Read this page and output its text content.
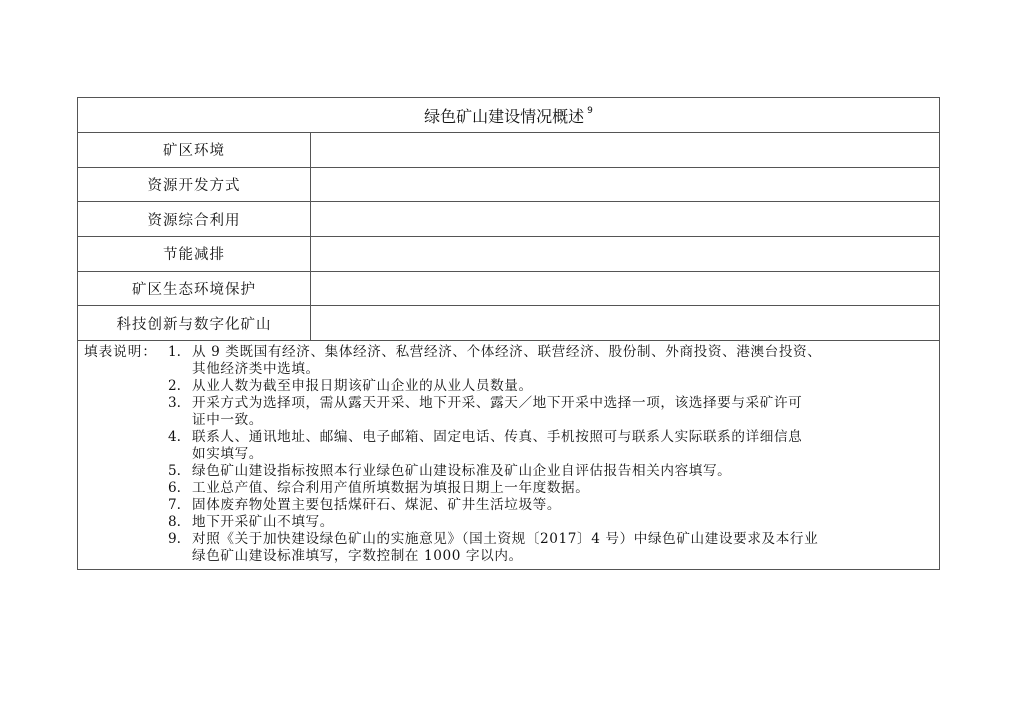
绿色矿山建设情况概述 $^9$
矿区环境
资源开发方式
资源综合利用
节能减排
矿区生态环境保护
科技创新与数字化矿山
填表说明： 1. 从 9 类既国有经济、集体经济、私营经济、个体经济、联营经济、股份制、外商投资、港澳台投资、
其他经济类中选填。
2. 从业人数为截至申报日期该矿山企业的从业人员数量。
3. 开采方式为选择项，需从露天开采、地下开采、露天／地下开采中选择一项，该选择要与采矿许可
证中一致。
4. 联系人、通讯地址、邮编、电子邮箱、固定电话、传真、手机按照可与联系人实际联系的详细信息
如实填写。
5. 绿色矿山建设指标按照本行业绿色矿山建设标准及矿山企业自评估报告相关内容填写。
6. 工业总产值、综合利用产值所填数据为填报日期上一年度数据。
7. 固体废弃物处置主要包括煤矸石、煤泥、矿井生活垃圾等。
8. 地下开采矿山不填写。
9. 对照《关于加快建设绿色矿山的实施意见》（国土资规〔2017〕4 号）中绿色矿山建设要求及本行业
绿色矿山建设标准填写，字数控制在 1000 字以内。
